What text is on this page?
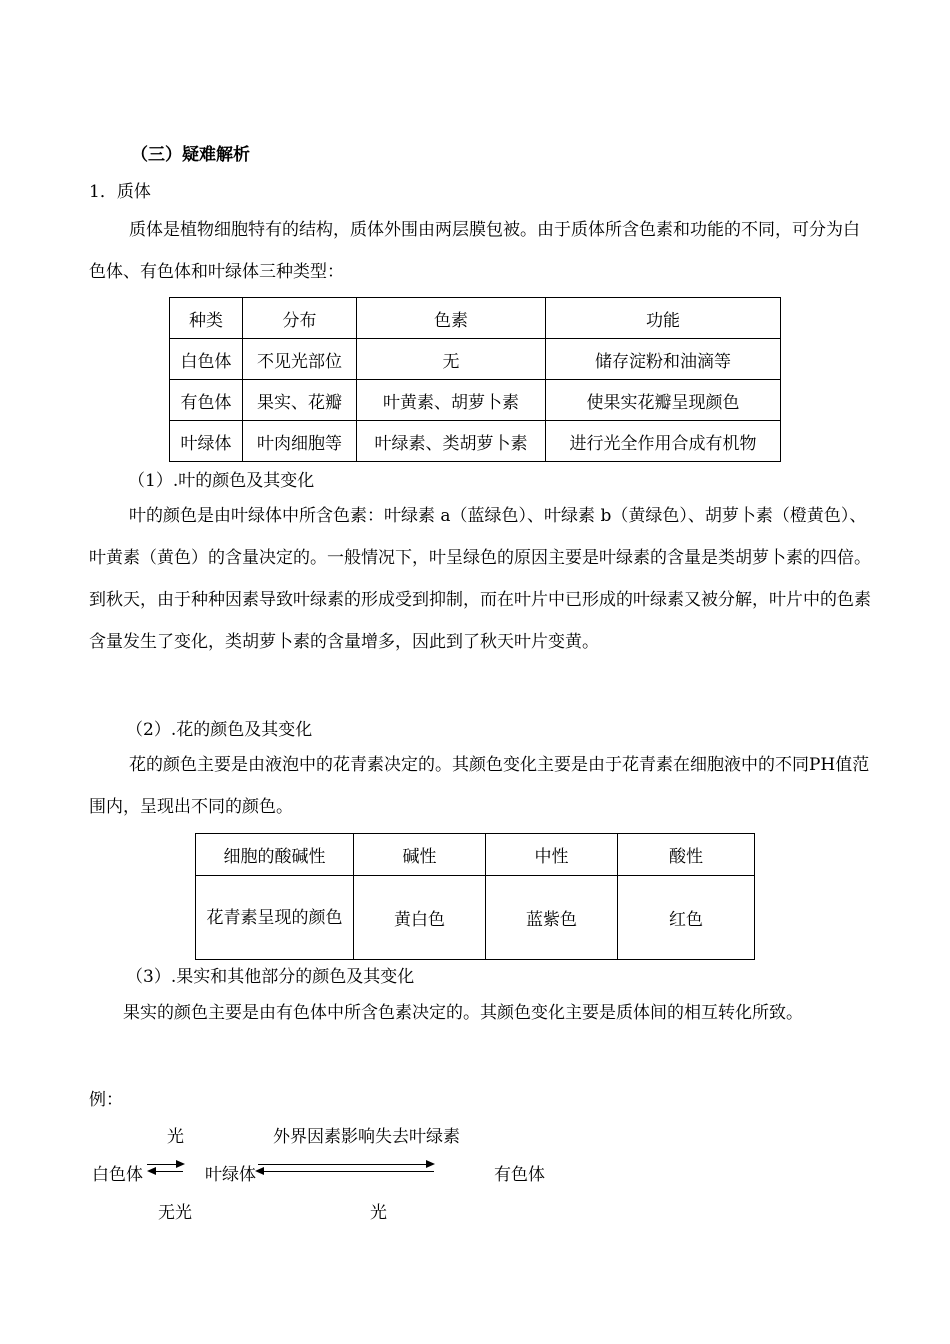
（三）疑难解析
1．质体
质体是植物细胞特有的结构，质体外围由两层膜包被。由于质体所含色素和功能的不同，可分为白色体、有色体和叶绿体三种类型：
种类	分布	色素	功能
白色体	不见光部位	无	储存淀粉和油滴等
有色体	果实、花瓣	叶黄素、胡萝卜素	使果实花瓣呈现颜色
叶绿体	叶肉细胞等	叶绿素、类胡萝卜素	进行光全作用合成有机物
（1）.叶的颜色及其变化
叶的颜色是由叶绿体中所含色素：叶绿素 a（蓝绿色）、叶绿素 b（黄绿色）、胡萝卜素（橙黄色）、叶黄素（黄色）的含量决定的。一般情况下，叶呈绿色的原因主要是叶绿素的含量是类胡萝卜素的四倍。到秋天，由于种种因素导致叶绿素的形成受到抑制，而在叶片中已形成的叶绿素又被分解，叶片中的色素含量发生了变化，类胡萝卜素的含量增多，因此到了秋天叶片变黄。
（2）.花的颜色及其变化
花的颜色主要是由液泡中的花青素决定的。其颜色变化主要是由于花青素在细胞液中的不同PH值范围内，呈现出不同的颜色。
细胞的酸碱性	碱性	中性	酸性
花青素呈现的颜色	黄白色	蓝紫色	红色
（3）.果实和其他部分的颜色及其变化
果实的颜色主要是由有色体中所含色素决定的。其颜色变化主要是质体间的相互转化所致。
例：
光	外界因素影响失去叶绿素
白色体	叶绿体	有色体
无光	光
